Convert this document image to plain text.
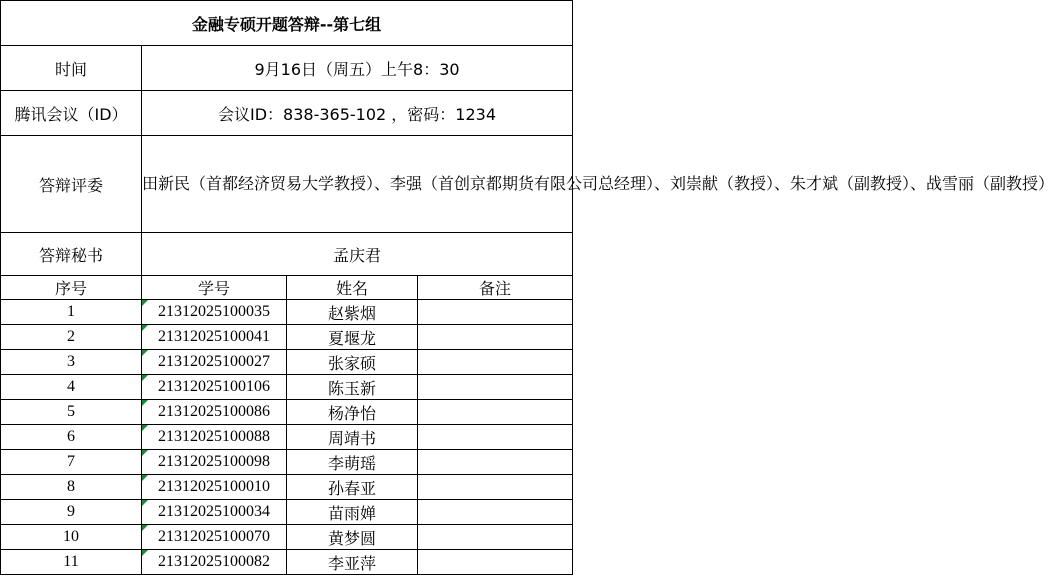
金融专硕开题答辩--第七组			
时间	9月16日（周五）上午8：30		
腾讯会议（ID）	会议ID：838-365-102 ，密码：1234		
答辩评委	田新民（首都经济贸易大学教授）、李强（首创京都期货有限公司总经理）、刘崇献（教授）、朱才斌（副教授）、战雪丽（副教授）		
答辩秘书	孟庆君		
序号	学号	姓名	备注
1	21312025100035	赵紫烟	
2	21312025100041	夏堰龙	
3	21312025100027	张家硕	
4	21312025100106	陈玉新	
5	21312025100086	杨净怡	
6	21312025100088	周靖书	
7	21312025100098	李萌瑶	
8	21312025100010	孙春亚	
9	21312025100034	苗雨婵	
10	21312025100070	黄梦圆	
11	21312025100082	李亚萍	
